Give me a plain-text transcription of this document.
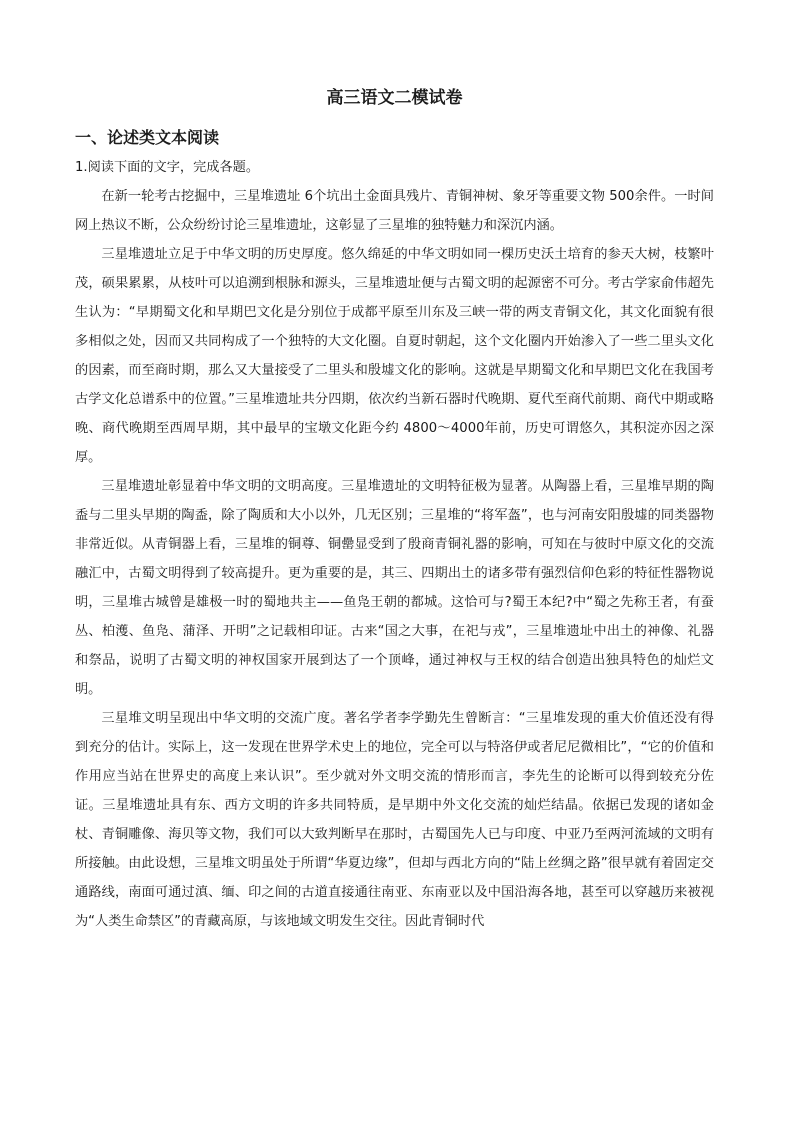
高三语文二模试卷
一、论述类文本阅读

1.阅读下面的文字，完成各题。

在新一轮考古挖掘中，三星堆遗址 6个坑出土金面具残片、青铜神树、象牙等重要文物 500余件。一时间网上热议不断，公众纷纷讨论三星堆遗址，这彰显了三星堆的独特魅力和深沉内涵。

三星堆遗址立足于中华文明的历史厚度。悠久绵延的中华文明如同一棵历史沃土培育的参天大树，枝繁叶茂，硕果累累，从枝叶可以追溯到根脉和源头，三星堆遗址便与古蜀文明的起源密不可分。考古学家俞伟超先生认为：“早期蜀文化和早期巴文化是分别位于成都平原至川东及三峡一带的两支青铜文化，其文化面貌有很多相似之处，因而又共同构成了一个独特的大文化圈。自夏时朝起，这个文化圈内开始渗入了一些二里头文化的因素，而至商时期，那么又大量接受了二里头和殷墟文化的影响。这就是早期蜀文化和早期巴文化在我国考古学文化总谱系中的位置。”三星堆遗址共分四期，依次约当新石器时代晚期、夏代至商代前期、商代中期或略晚、商代晚期至西周早期，其中最早的宝墩文化距今约 4800～4000年前，历史可谓悠久，其积淀亦因之深厚。

三星堆遗址彰显着中华文明的文明高度。三星堆遗址的文明特征极为显著。从陶器上看，三星堆早期的陶盉与二里头早期的陶盉，除了陶质和大小以外，几无区别；三星堆的“将军盔”，也与河南安阳殷墟的同类器物非常近似。从青铜器上看，三星堆的铜尊、铜罍显受到了殷商青铜礼器的影响，可知在与彼时中原文化的交流融汇中，古蜀文明得到了较高提升。更为重要的是，其三、四期出土的诸多带有强烈信仰色彩的特征性器物说明，三星堆古城曾是雄极一时的蜀地共主——鱼凫王朝的都城。这恰可与?蜀王本纪?中“蜀之先称王者，有蚕丛、柏濩、鱼凫、蒲泽、开明”之记载相印证。古来“国之大事，在祀与戎”，三星堆遗址中出土的神像、礼器和祭品，说明了古蜀文明的神权国家开展到达了一个顶峰，通过神权与王权的结合创造出独具特色的灿烂文明。

三星堆文明呈现出中华文明的交流广度。著名学者李学勤先生曾断言：“三星堆发现的重大价值还没有得到充分的估计。实际上，这一发现在世界学术史上的地位，完全可以与特洛伊或者尼尼微相比”，“它的价值和作用应当站在世界史的高度上来认识”。至少就对外文明交流的情形而言，李先生的论断可以得到较充分佐证。三星堆遗址具有东、西方文明的许多共同特质，是早期中外文化交流的灿烂结晶。依据已发现的诸如金杖、青铜雕像、海贝等文物，我们可以大致判断早在那时，古蜀国先人已与印度、中亚乃至两河流域的文明有所接触。由此设想，三星堆文明虽处于所谓“华夏边缘”，但却与西北方向的“陆上丝绸之路”很早就有着固定交通路线，南面可通过滇、缅、印之间的古道直接通往南亚、东南亚以及中国沿海各地，甚至可以穿越历来被视为“人类生命禁区”的青藏高原，与该地域文明发生交往。因此青铜时代
